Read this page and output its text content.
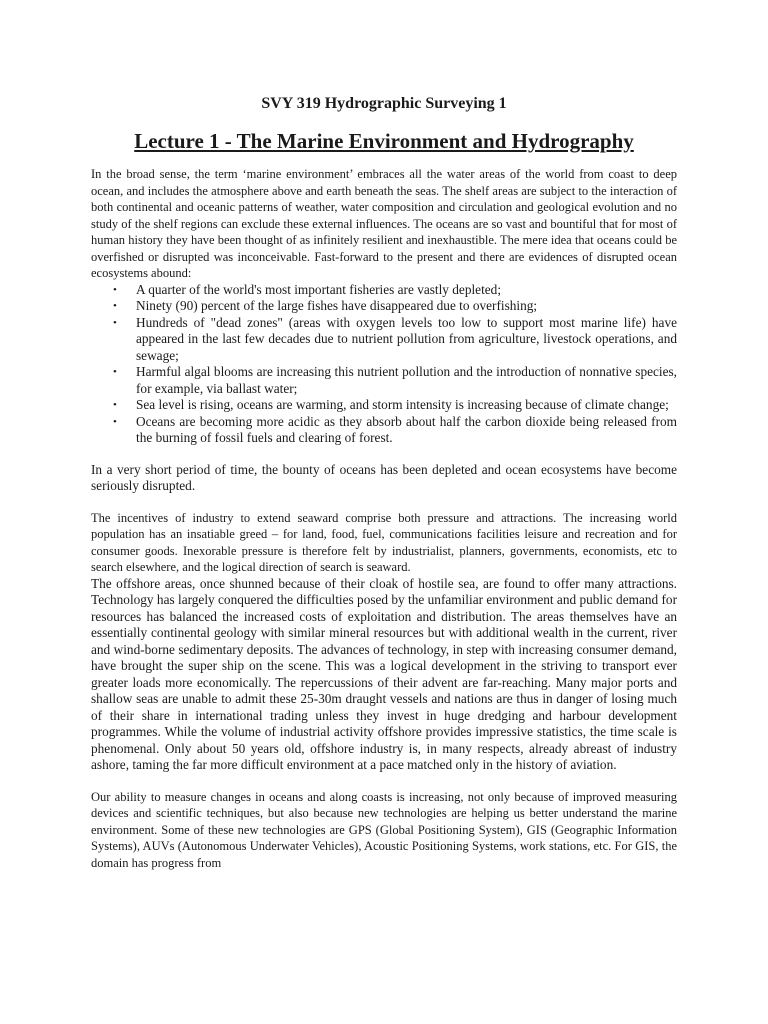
SVY 319 Hydrographic Surveying 1
Lecture 1 - The Marine Environment and Hydrography

In the broad sense, the term ‘marine environment’ embraces all the water areas of the world from coast to deep ocean, and includes the atmosphere above and earth beneath the seas. The shelf areas are subject to the interaction of both continental and oceanic patterns of weather, water composition and circulation and geological evolution and no study of the shelf regions can exclude these external influences. The oceans are so vast and bountiful that for most of human history they have been thought of as infinitely resilient and inexhaustible. The mere idea that oceans could be overfished or disrupted was inconceivable. Fast-forward to the present and there are evidences of disrupted ocean ecosystems abound:

• A quarter of the world's most important fisheries are vastly depleted;
• Ninety (90) percent of the large fishes have disappeared due to overfishing;
• Hundreds of "dead zones" (areas with oxygen levels too low to support most marine life) have appeared in the last few decades due to nutrient pollution from agriculture, livestock operations, and sewage;
• Harmful algal blooms are increasing this nutrient pollution and the introduction of nonnative species, for example, via ballast water;
• Sea level is rising, oceans are warming, and storm intensity is increasing because of climate change;
• Oceans are becoming more acidic as they absorb about half the carbon dioxide being released from the burning of fossil fuels and clearing of forest.

In a very short period of time, the bounty of oceans has been depleted and ocean ecosystems have become seriously disrupted.

The incentives of industry to extend seaward comprise both pressure and attractions. The increasing world population has an insatiable greed – for land, food, fuel, communications facilities leisure and recreation and for consumer goods. Inexorable pressure is therefore felt by industrialist, planners, governments, economists, etc to search elsewhere, and the logical direction of search is seaward.

The offshore areas, once shunned because of their cloak of hostile sea, are found to offer many attractions. Technology has largely conquered the difficulties posed by the unfamiliar environment and public demand for resources has balanced the increased costs of exploitation and distribution. The areas themselves have an essentially continental geology with similar mineral resources but with additional wealth in the current, river and wind-borne sedimentary deposits. The advances of technology, in step with increasing consumer demand, have brought the super ship on the scene. This was a logical development in the striving to transport ever greater loads more economically. The repercussions of their advent are far-reaching. Many major ports and shallow seas are unable to admit these 25-30m draught vessels and nations are thus in danger of losing much of their share in international trading unless they invest in huge dredging and harbour development programmes. While the volume of industrial activity offshore provides impressive statistics, the time scale is phenomenal. Only about 50 years old, offshore industry is, in many respects, already abreast of industry ashore, taming the far more difficult environment at a pace matched only in the history of aviation.

Our ability to measure changes in oceans and along coasts is increasing, not only because of improved measuring devices and scientific techniques, but also because new technologies are helping us better understand the marine environment. Some of these new technologies are GPS (Global Positioning System), GIS (Geographic Information Systems), AUVs (Autonomous Underwater Vehicles), Acoustic Positioning Systems, work stations, etc. For GIS, the domain has progress from
